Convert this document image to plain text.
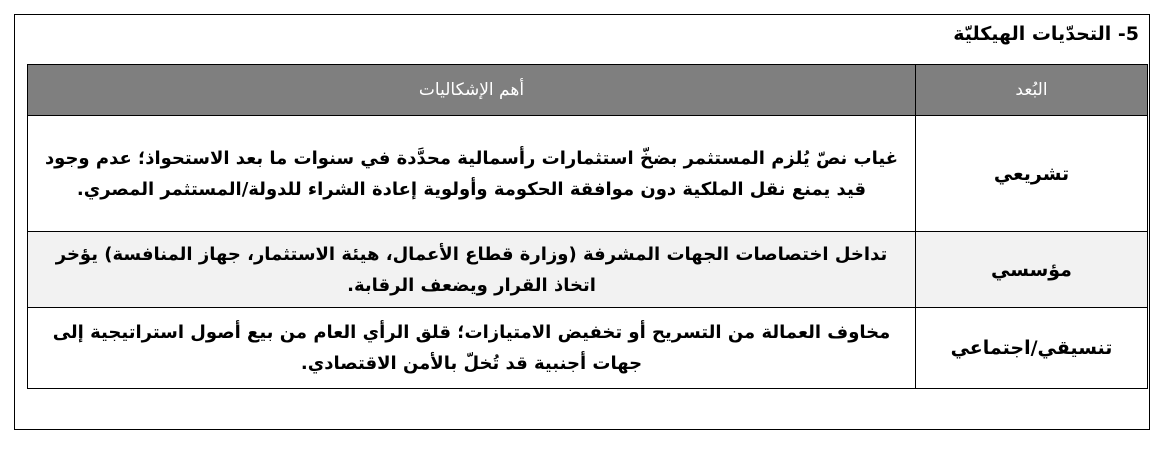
5- التحدّيات الهيكليّة
البُعد	أهم الإشكاليات
تشريعي	غياب نصّ يُلزم المستثمر بضخّ استثمارات رأسمالية محدَّدة في سنوات ما بعد الاستحواذ؛ عدم وجود قيد يمنع نقل الملكية دون موافقة الحكومة وأولوية إعادة الشراء للدولة/المستثمر المصري.
مؤسسي	تداخل اختصاصات الجهات المشرفة (وزارة قطاع الأعمال، هيئة الاستثمار، جهاز المنافسة) يؤخر اتخاذ القرار ويضعف الرقابة.
تنسيقي/اجتماعي	مخاوف العمالة من التسريح أو تخفيض الامتيازات؛ قلق الرأي العام من بيع أصول استراتيجية إلى جهات أجنبية قد تُخلّ بالأمن الاقتصادي.
